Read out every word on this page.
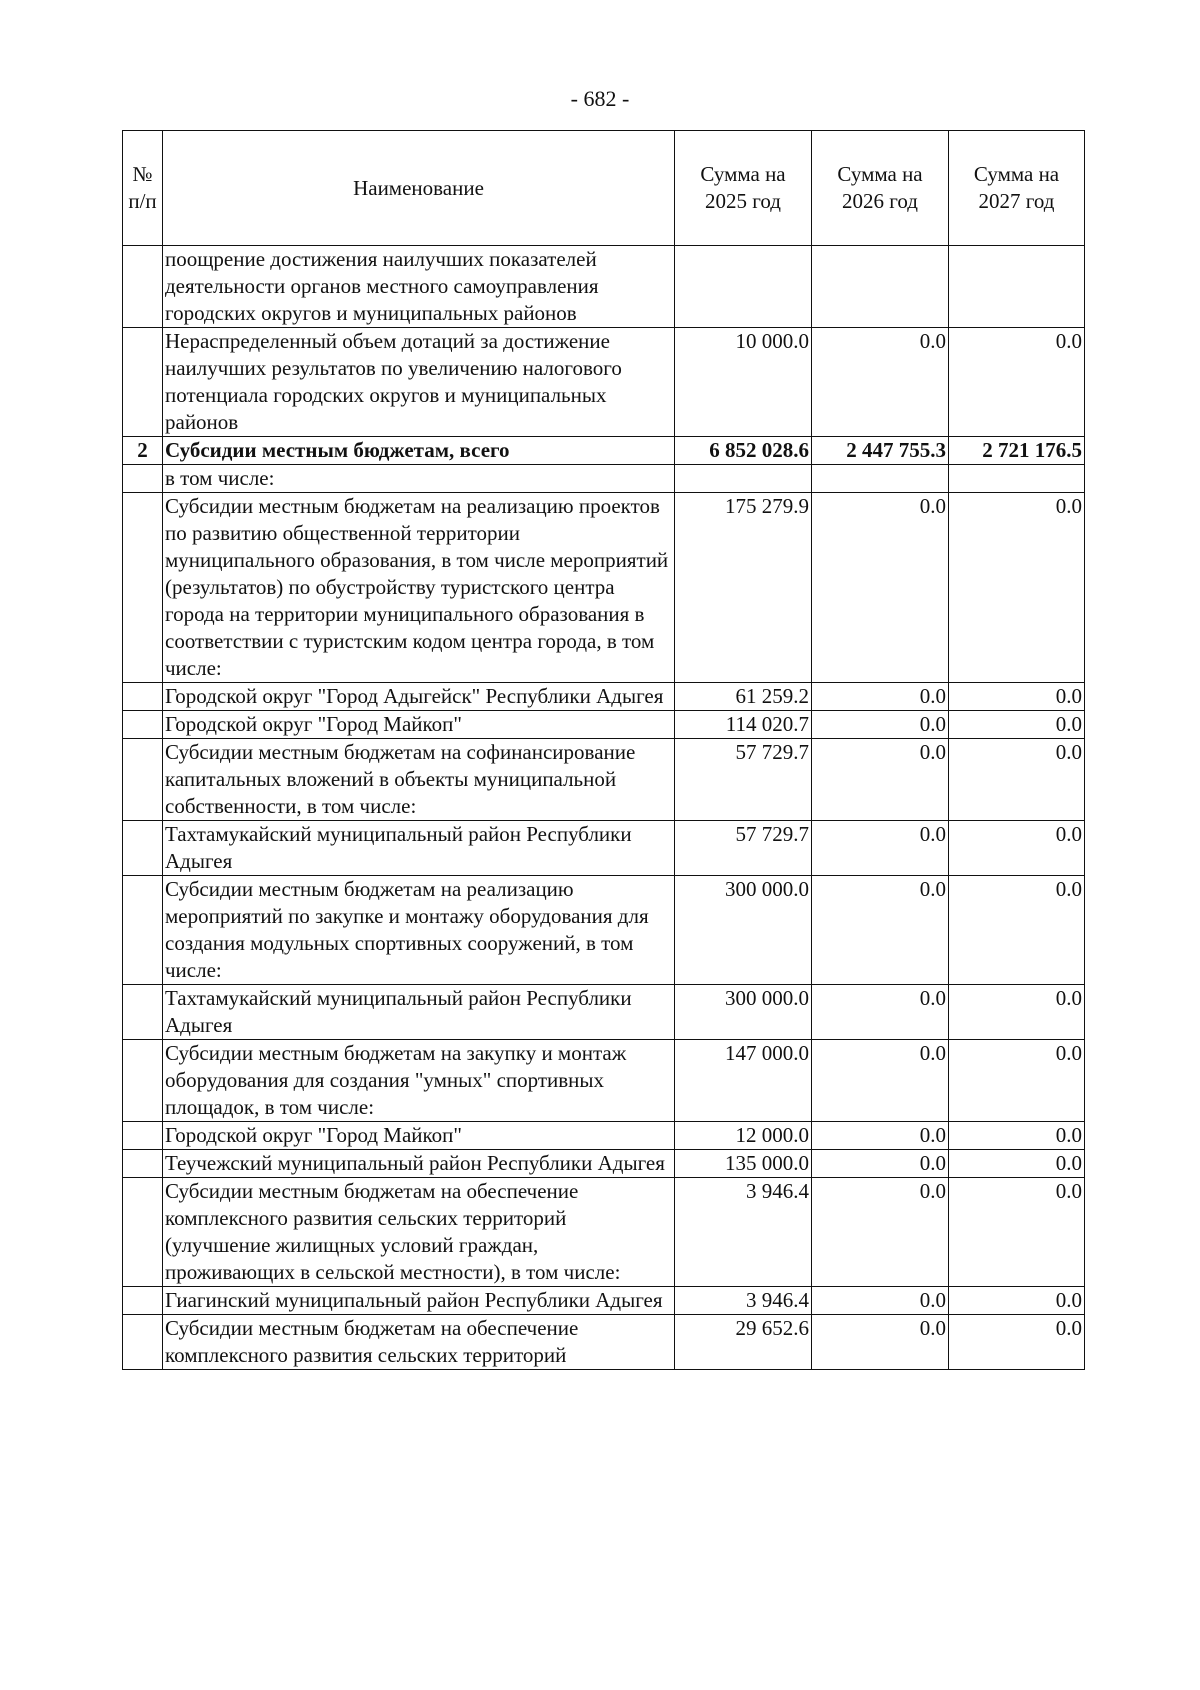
- 682 -
№ п/п	Наименование	Сумма на 2025 год	Сумма на 2026 год	Сумма на 2027 год
	поощрение достижения наилучших показателей деятельности органов местного самоуправления городских округов и муниципальных районов			
	Нераспределенный объем дотаций за достижение наилучших результатов по увеличению налогового потенциала городских округов и муниципальных районов	10 000.0	0.0	0.0
2	Субсидии местным бюджетам, всего	6 852 028.6	2 447 755.3	2 721 176.5
	в том числе:			
	Субсидии местным бюджетам на реализацию проектов по развитию общественной территории муниципального образования, в том числе мероприятий (результатов) по обустройству туристского центра города на территории муниципального образования в соответствии с туристским кодом центра города, в том числе:	175 279.9	0.0	0.0
	Городской округ "Город Адыгейск" Республики Адыгея	61 259.2	0.0	0.0
	Городской округ "Город Майкоп"	114 020.7	0.0	0.0
	Субсидии местным бюджетам на софинансирование капитальных вложений в объекты муниципальной собственности, в том числе:	57 729.7	0.0	0.0
	Тахтамукайский муниципальный район Республики Адыгея	57 729.7	0.0	0.0
	Субсидии местным бюджетам на реализацию мероприятий по закупке и монтажу оборудования для создания модульных спортивных сооружений, в том числе:	300 000.0	0.0	0.0
	Тахтамукайский муниципальный район Республики Адыгея	300 000.0	0.0	0.0
	Субсидии местным бюджетам на закупку и монтаж оборудования для создания "умных" спортивных площадок, в том числе:	147 000.0	0.0	0.0
	Городской округ "Город Майкоп"	12 000.0	0.0	0.0
	Теучежский муниципальный район Республики Адыгея	135 000.0	0.0	0.0
	Субсидии местным бюджетам на обеспечение комплексного развития сельских территорий (улучшение жилищных условий граждан, проживающих в сельской местности), в том числе:	3 946.4	0.0	0.0
	Гиагинский муниципальный район Республики Адыгея	3 946.4	0.0	0.0
	Субсидии местным бюджетам на обеспечение комплексного развития сельских территорий	29 652.6	0.0	0.0
